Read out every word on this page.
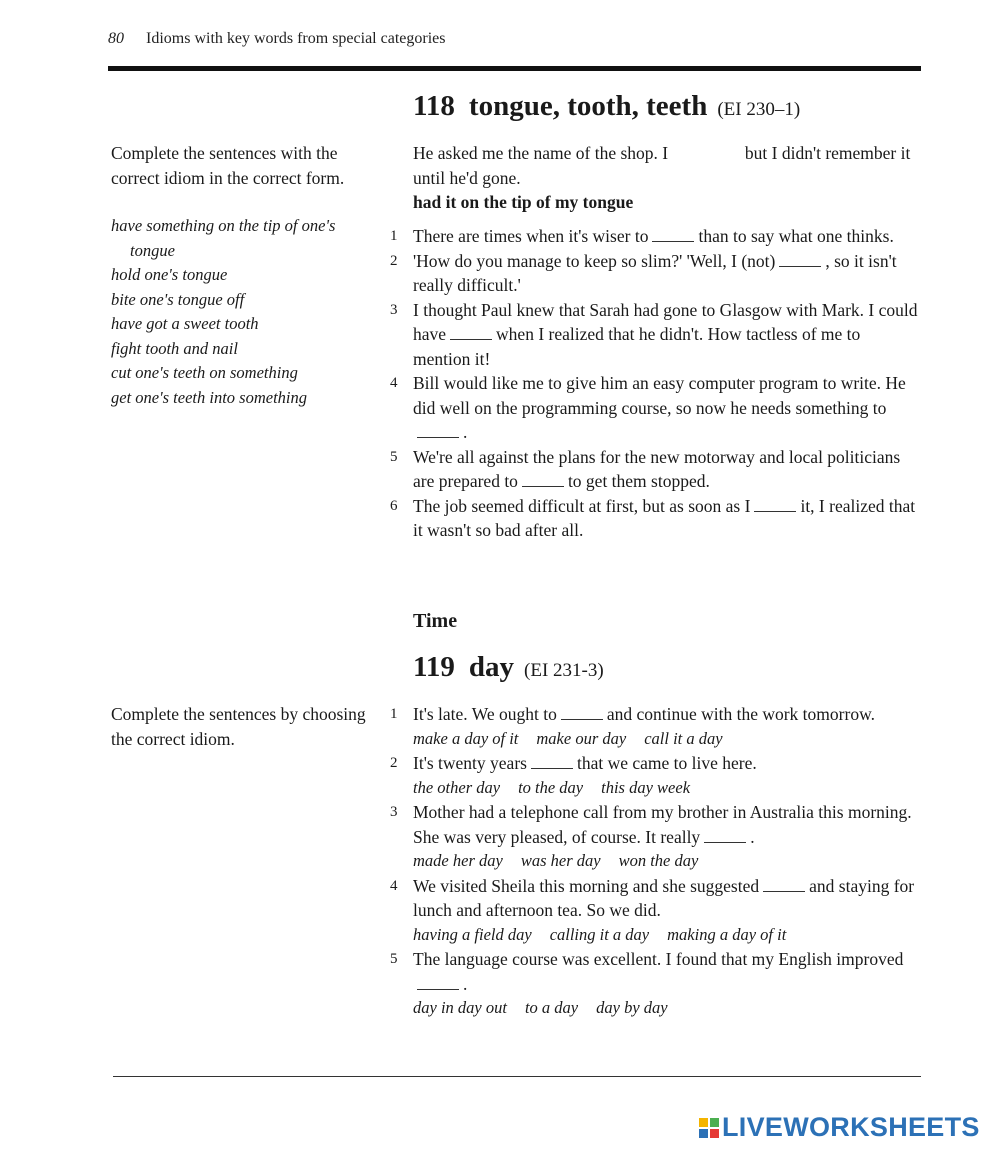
80 Idioms with key words from special categories
118 tongue, tooth, teeth (EI 230–1)
Complete the sentences with the correct idiom in the correct form.
have something on the tip of one's tongue
hold one's tongue
bite one's tongue off
have got a sweet tooth
fight tooth and nail
cut one's teeth on something
get one's teeth into something
He asked me the name of the shop. I	but I didn't remember it until he'd gone.
had it on the tip of my tongue
1 There are times when it's wiser to	than to say what one thinks.
2 'How do you manage to keep so slim?' 'Well, I (not)	, so it isn't really difficult.'
3 I thought Paul knew that Sarah had gone to Glasgow with Mark. I could have	when I realized that he didn't. How tactless of me to mention it!
4 Bill would like me to give him an easy computer program to write. He did well on the programming course, so now he needs something to.
5 We're all against the plans for the new motorway and local politicians are prepared to	to get them stopped.
6 The job seemed difficult at first, but as soon as I	it, I realized that it wasn't so bad after all.
Time
119 day (EI 231-3)
Complete the sentences by choosing the correct idiom.
1 It's late. We ought to	and continue with the work tomorrow.
make a day of it make our day call it a day
2 It's twenty years	that we came to live here.
the other day to the day this day week
3 Mother had a telephone call from my brother in Australia this morning. She was very pleased, of course. It really	.
made her day was her day won the day
4 We visited Sheila this morning and she suggested	and staying for lunch and afternoon tea. So we did.
having a field day calling it a day making a day of it
5 The language course was excellent. I found that my English improved.
day in day out to a day day by day
LIVEWORKSHEETS
